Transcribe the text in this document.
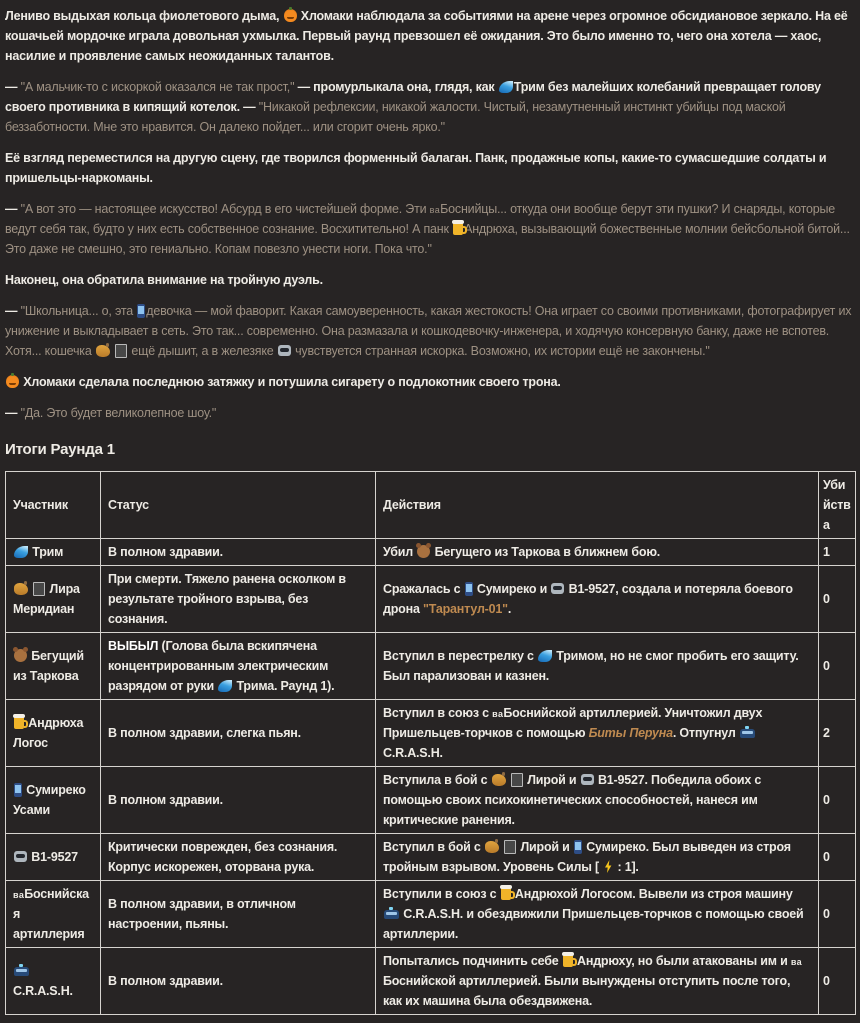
Лениво выдыхая кольца фиолетового дыма,  Хломаки наблюдала за событиями на арене через огромное обсидиановое зеркало. На её кошачьей мордочке играла довольная ухмылка. Первый раунд превзошел её ожидания. Это было именно то, чего она хотела — хаос, насилие и проявление самых неожиданных талантов.

— "А мальчик-то с искоркой оказался не так прост," — промурлыкала она, глядя, как Трим без малейших колебаний превращает голову своего противника в кипящий котелок. — "Никакой рефлексии, никакой жалости. Чистый, незамутненный инстинкт убийцы под маской беззаботности. Мне это нравится. Он далеко пойдет... или сгорит очень ярко."

Её взгляд переместился на другую сцену, где творился форменный балаган. Панк, продажные копы, какие-то сумасшедшие солдаты и пришельцы-наркоманы.

— "А вот это — настоящее искусство! Абсурд в его чистейшей форме. Эти ваБоснийцы... откуда они вообще берут эти пушки? И снаряды, которые ведут себя так, будто у них есть собственное сознание. Восхитительно! А панк Андрюха, вызывающий божественные молнии бейсбольной битой... Это даже не смешно, это гениально. Копам повезло унести ноги. Пока что."

Наконец, она обратила внимание на тройную дуэль.

— "Школьница... о, эта девочка — мой фаворит. Какая самоуверенность, какая жестокость! Она играет со своими противниками, фотографирует их унижение и выкладывает в сеть. Это так... современно. Она размазала и кошкодевочку-инженера, и ходячую консервную банку, даже не вспотев. Хотя... кошечка	ещё дышит, а в железяке  чувствуется странная искорка. Возможно, их истории ещё не закончены."

Хломаки сделала последнюю затяжку и потушила сигарету о подлокотник своего трона.

— "Да. Это будет великолепное шоу."

Итоги Раунда 1
Участник	Статус	Действия	Убийства
Трим	В полном здравии.	Убил  Бегущего из Таркова в ближнем бою.	1
Лира Меридиан	При смерти. Тяжело ранена осколком в результате тройного взрыва, без сознания.	Сражалась с  Сумиреко и  В1-9527, создала и потеряла боевого дрона "Тарантул-01".	0
Бегущий из Таркова	ВЫБЫЛ (Голова была вскипячена концентрированным электрическим разрядом от руки  Трима. Раунд 1).	Вступил в перестрелку с  Тримом, но не смог пробить его защиту. Был парализован и казнен.	0
Андрюха Логос	В полном здравии, слегка пьян.	Вступил в союз с ваБоснийской артиллерией. Уничтожил двух Пришельцев-торчков с помощью Биты Перуна. Отпугнул  C.R.A.S.H.	2
Сумиреко Усами	В полном здравии.	Вступила в бой с Лирой и  В1-9527. Победила обоих с помощью своих психокинетических способностей, нанеся им критические ранения.	0
В1-9527	Критически поврежден, без сознания. Корпус искорежен, оторвана рука.	Вступил в бой с Лирой и  Сумиреко. Был выведен из строя тройным взрывом. Уровень Силы [  : 1].	0
ваБоснийская артиллерия	В полном здравии, в отличном настроении, пьяны.	Вступили в союз с  Андрюхой Логосом. Вывели из строя машину  C.R.A.S.H. и обездвижили Пришельцев-торчков с помощью своей артиллерии.	0
C.R.A.S.H.	В полном здравии.	Попытались подчинить себе  Андрюху, но были атакованы им и ва Боснийской артиллерией. Были вынуждены отступить после того, как их машина была обездвижена.	0
